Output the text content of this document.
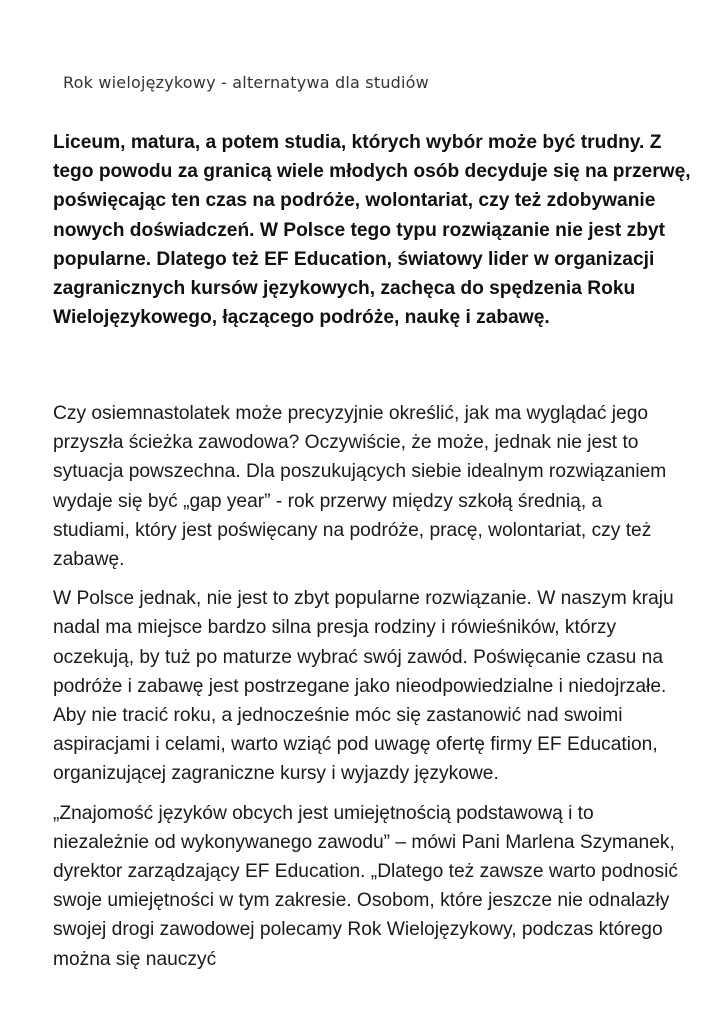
Rok wielojęzykowy - alternatywa dla studiów

Liceum, matura, a potem studia, których wybór może być trudny. Z tego powodu za granicą wiele młodych osób decyduje się na przerwę, poświęcając ten czas na podróże, wolontariat, czy też zdobywanie nowych doświadczeń. W Polsce tego typu rozwiązanie nie jest zbyt popularne. Dlatego też EF Education, światowy lider w organizacji zagranicznych kursów językowych, zachęca do spędzenia Roku Wielojęzykowego, łączącego podróże, naukę i zabawę.

Czy osiemnastolatek może precyzyjnie określić, jak ma wyglądać jego przyszła ścieżka zawodowa? Oczywiście, że może, jednak nie jest to sytuacja powszechna. Dla poszukujących siebie idealnym rozwiązaniem wydaje się być „gap year” - rok przerwy między szkołą średnią, a studiami, który jest poświęcany na podróże, pracę, wolontariat, czy też zabawę.

W Polsce jednak, nie jest to zbyt popularne rozwiązanie. W naszym kraju nadal ma miejsce bardzo silna presja rodziny i rówieśników, którzy oczekują, by tuż po maturze wybrać swój zawód. Poświęcanie czasu na podróże i zabawę jest postrzegane jako nieodpowiedzialne i niedojrzałe. Aby nie tracić roku, a jednocześnie móc się zastanowić nad swoimi aspiracjami i celami, warto wziąć pod uwagę ofertę firmy EF Education, organizującej zagraniczne kursy i wyjazdy językowe.

„Znajomość języków obcych jest umiejętnością podstawową i to niezależnie od wykonywanego zawodu” – mówi Pani Marlena Szymanek, dyrektor zarządzający EF Education. „Dlatego też zawsze warto podnosić swoje umiejętności w tym zakresie. Osobom, które jeszcze nie odnalazły swojej drogi zawodowej polecamy Rok Wielojęzykowy, podczas którego można się nauczyć
